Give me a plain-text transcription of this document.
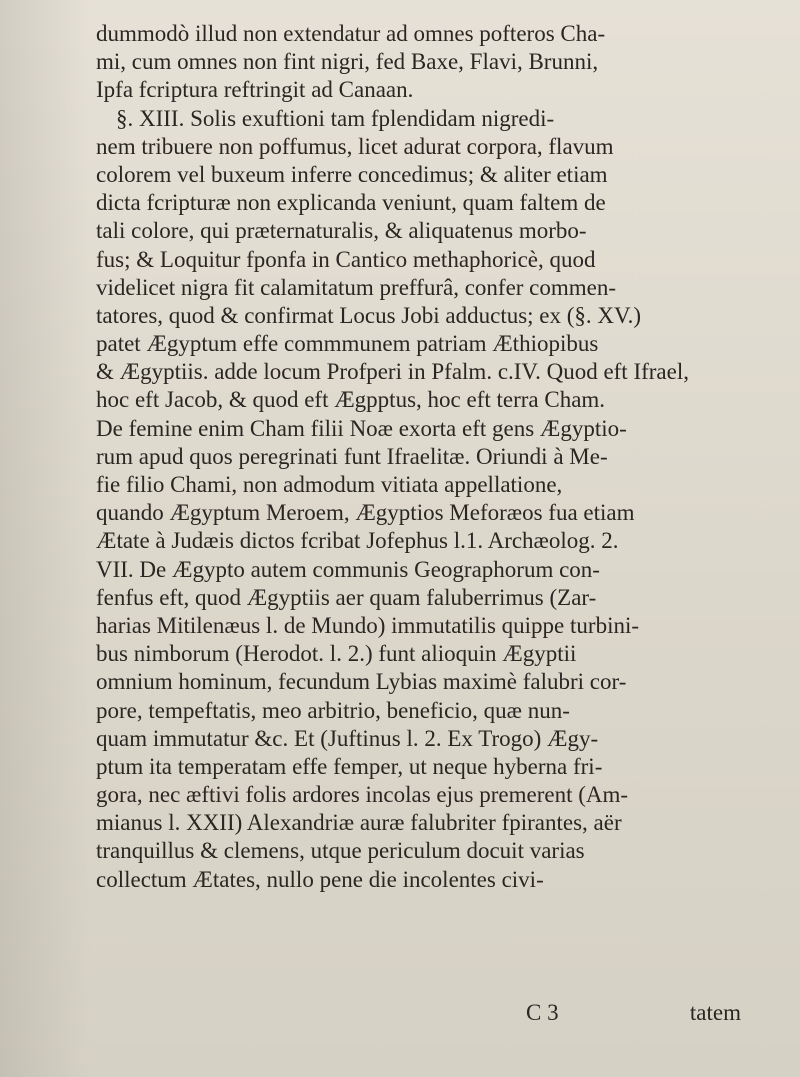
dummodò illud non extendatur ad omnes pofteros Cha-
mi, cum omnes non fint nigri, fed Baxe, Flavi, Brunni,
Ipfa fcriptura reftringit ad Canaan.
§. XIII. Solis exuftioni tam fplendidam nigredi-
nem tribuere non poffumus, licet adurat corpora, flavum
colorem vel buxeum inferre concedimus; & aliter etiam
dicta fcripturæ non explicanda veniunt, quam faltem de
tali colore, qui præternaturalis, & aliquatenus morbo-
fus; & Loquitur fponfa in Cantico methaphoricè, quod
videlicet nigra fit calamitatum preffurâ, confer commen-
tatores, quod & confirmat Locus Jobi adductus; ex (§. XV.)
patet Ægyptum effe commmunem patriam Æthiopibus
& Ægyptiis. adde locum Profperi in Pfalm. c.IV. Quod eft Ifrael,
hoc eft Jacob, & quod eft Ægpptus, hoc eft terra Cham.
De femine enim Cham filii Noæ exorta eft gens Ægyptio-
rum apud quos peregrinati funt Ifraelitæ. Oriundi à Me-
fie filio Chami, non admodum vitiata appellatione,
quando Ægyptum Meroem, Ægyptios Meforæos fua etiam
Ætate à Judæis dictos fcribat Jofephus l.1. Archæolog. 2.
VII. De Ægypto autem communis Geographorum con-
fenfus eft, quod Ægyptiis aer quam faluberrimus (Zar-
harias Mitilenæus l. de Mundo) immutatilis quippe turbini-
bus nimborum (Herodot. l. 2.) funt alioquin Ægyptii
omnium hominum, fecundum Lybias maximè falubri cor-
pore, tempeftatis, meo arbitrio, beneficio, quæ nun-
quam immutatur &c. Et (Juftinus l. 2. Ex Trogo) Ægy-
ptum ita temperatam effe femper, ut neque hyberna fri-
gora, nec æftivi folis ardores incolas ejus premerent (Am-
mianus l. XXII) Alexandriæ auræ falubriter fpirantes, aër
tranquillus & clemens, utque periculum docuit varias
collectum Ætates, nullo pene die incolentes civi-
C 3	tatem
